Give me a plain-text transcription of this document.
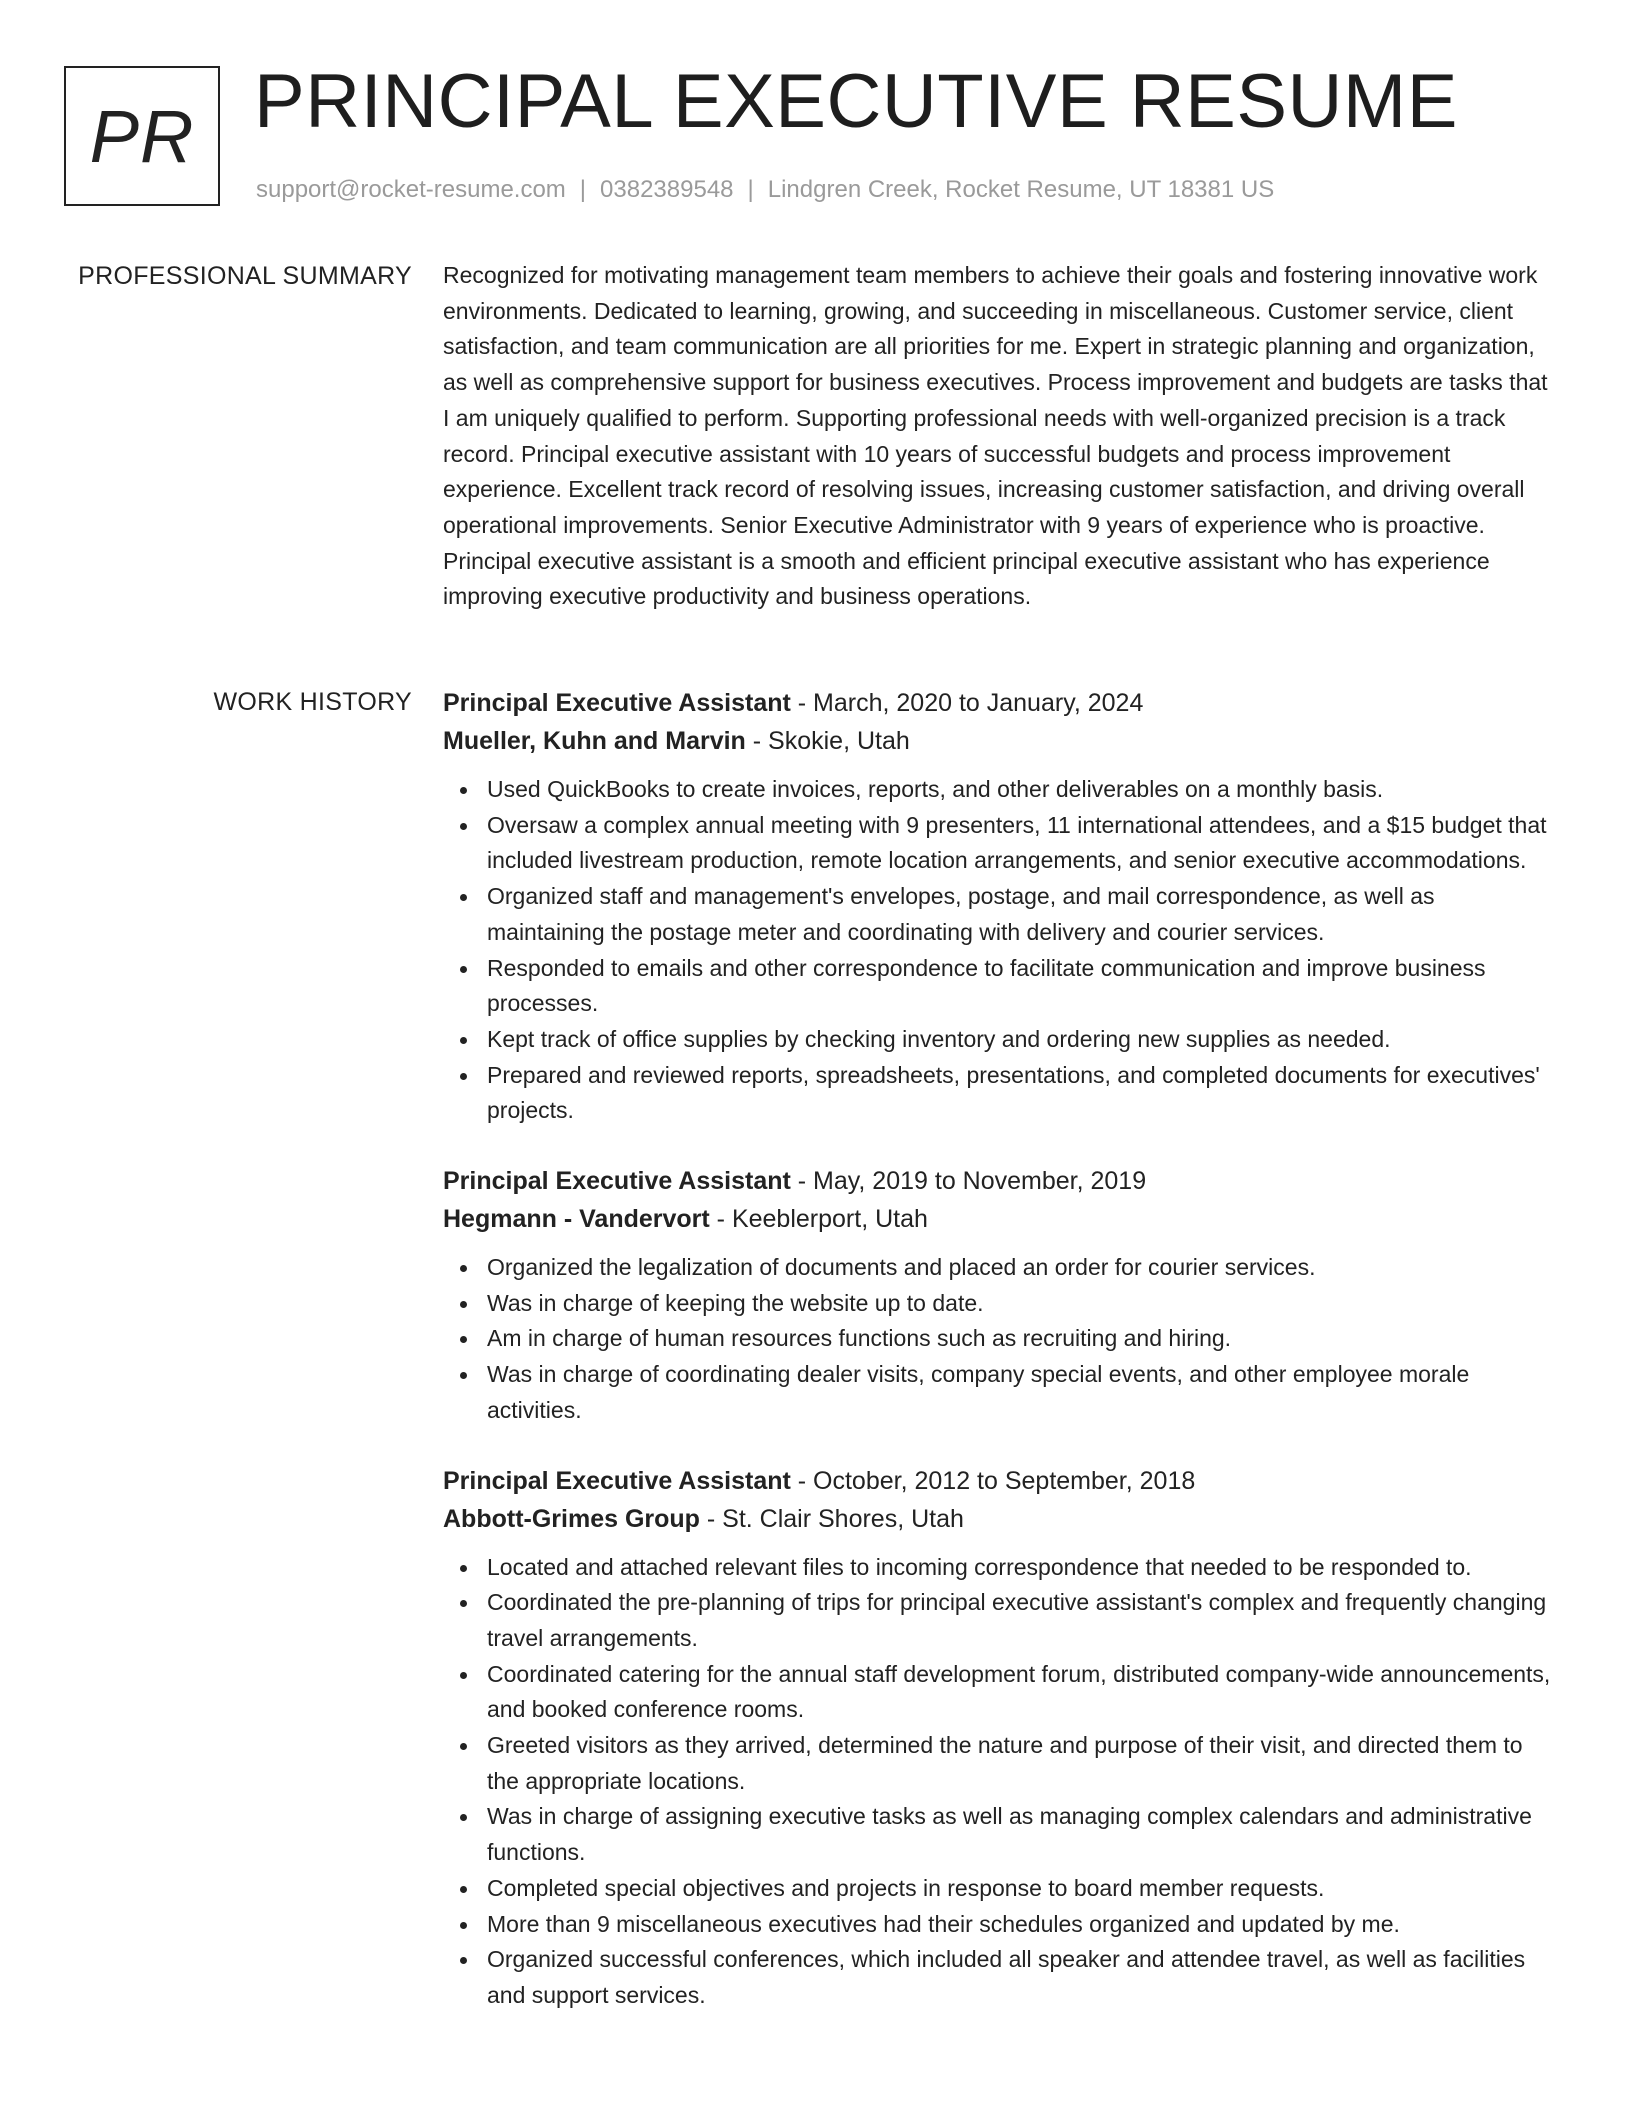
PR PRINCIPAL EXECUTIVE RESUME
support@rocket-resume.com | 0382389548 | Lindgren Creek, Rocket Resume, UT 18381 US
PROFESSIONAL SUMMARY Recognized for motivating management team members to achieve their goals and fostering innovative work environments. Dedicated to learning, growing, and succeeding in miscellaneous. Customer service, client satisfaction, and team communication are all priorities for me. Expert in strategic planning and organization, as well as comprehensive support for business executives. Process improvement and budgets are tasks that I am uniquely qualified to perform. Supporting professional needs with well-organized precision is a track record. Principal executive assistant with 10 years of successful budgets and process improvement experience. Excellent track record of resolving issues, increasing customer satisfaction, and driving overall operational improvements. Senior Executive Administrator with 9 years of experience who is proactive. Principal executive assistant is a smooth and efficient principal executive assistant who has experience improving executive productivity and business operations.

WORK HISTORY Principal Executive Assistant - March, 2020 to January, 2024
Mueller, Kuhn and Marvin - Skokie, Utah
Used QuickBooks to create invoices, reports, and other deliverables on a monthly basis.
Oversaw a complex annual meeting with 9 presenters, 11 international attendees, and a $15 budget that included livestream production, remote location arrangements, and senior executive accommodations.
Organized staff and management's envelopes, postage, and mail correspondence, as well as maintaining the postage meter and coordinating with delivery and courier services.
Responded to emails and other correspondence to facilitate communication and improve business processes.
Kept track of office supplies by checking inventory and ordering new supplies as needed.
Prepared and reviewed reports, spreadsheets, presentations, and completed documents for executives' projects.
Principal Executive Assistant - May, 2019 to November, 2019
Hegmann - Vandervort - Keeblerport, Utah
Organized the legalization of documents and placed an order for courier services.
Was in charge of keeping the website up to date.
Am in charge of human resources functions such as recruiting and hiring.
Was in charge of coordinating dealer visits, company special events, and other employee morale activities.
Principal Executive Assistant - October, 2012 to September, 2018
Abbott-Grimes Group - St. Clair Shores, Utah
Located and attached relevant files to incoming correspondence that needed to be responded to.
Coordinated the pre-planning of trips for principal executive assistant's complex and frequently changing travel arrangements.
Coordinated catering for the annual staff development forum, distributed company-wide announcements, and booked conference rooms.
Greeted visitors as they arrived, determined the nature and purpose of their visit, and directed them to the appropriate locations.
Was in charge of assigning executive tasks as well as managing complex calendars and administrative functions.
Completed special objectives and projects in response to board member requests.
More than 9 miscellaneous executives had their schedules organized and updated by me.
Organized successful conferences, which included all speaker and attendee travel, as well as facilities and support services.
